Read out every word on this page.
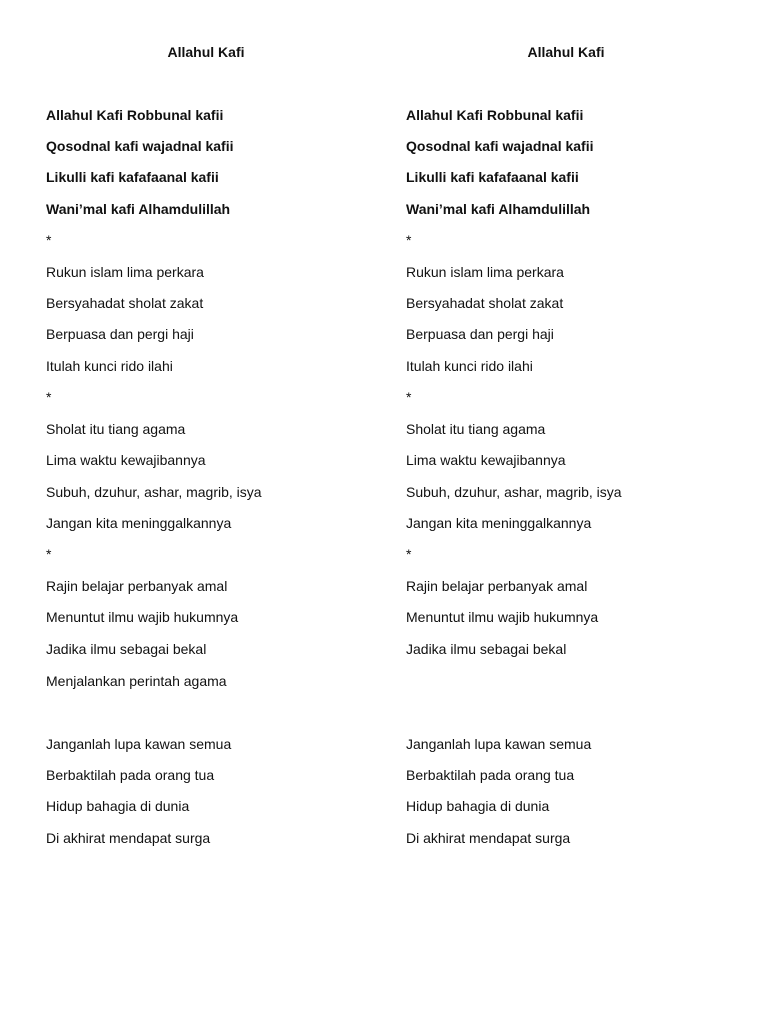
Allahul Kafi
Allahul Kafi Robbunal kafii
Qosodnal kafi wajadnal kafii
Likulli kafi kafafaanal kafii
Wani’mal kafi Alhamdulillah
*
Rukun islam lima perkara
Bersyahadat sholat zakat
Berpuasa dan pergi haji
Itulah kunci rido ilahi
*
Sholat itu tiang agama
Lima waktu kewajibannya
Subuh, dzuhur, ashar, magrib, isya
Jangan kita meninggalkannya
*
Rajin belajar perbanyak amal
Menuntut ilmu wajib hukumnya
Jadika ilmu sebagai bekal
Menjalankan perintah agama
Janganlah lupa kawan semua
Berbaktilah pada orang tua
Hidup bahagia di dunia
Di akhirat mendapat surga
Allahul Kafi
Allahul Kafi Robbunal kafii
Qosodnal kafi wajadnal kafii
Likulli kafi kafafaanal kafii
Wani’mal kafi Alhamdulillah
*
Rukun islam lima perkara
Bersyahadat sholat zakat
Berpuasa dan pergi haji
Itulah kunci rido ilahi
*
Sholat itu tiang agama
Lima waktu kewajibannya
Subuh, dzuhur, ashar, magrib, isya
Jangan kita meninggalkannya
*
Rajin belajar perbanyak amal
Menuntut ilmu wajib hukumnya
Jadika ilmu sebagai bekal
Janganlah lupa kawan semua
Berbaktilah pada orang tua
Hidup bahagia di dunia
Di akhirat mendapat surga
